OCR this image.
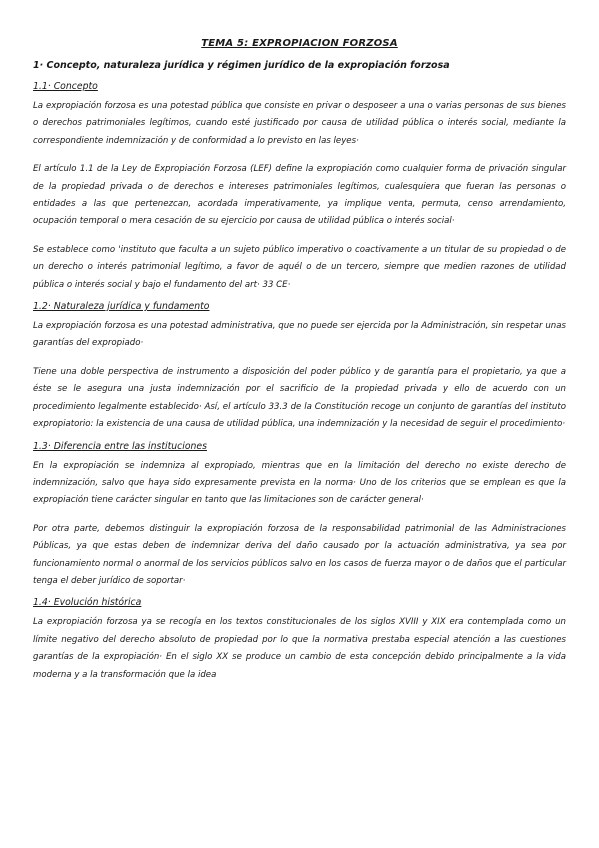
TEMA 5: EXPROPIACION FORZOSA
1· Concepto, naturaleza jurídica y régimen jurídico de la expropiación forzosa
1.1· Concepto

La expropiación forzosa es una potestad pública que consiste en privar o desposeer a una o varias personas de sus bienes o derechos patrimoniales legítimos, cuando esté justificado por causa de utilidad pública o interés social, mediante la correspondiente indemnización y de conformidad a lo previsto en las leyes·

El artículo 1.1 de la Ley de Expropiación Forzosa (LEF) define la expropiación como cualquier forma de privación singular de la propiedad privada o de derechos e intereses patrimoniales legítimos, cualesquiera que fueran las personas o entidades a las que pertenezcan, acordada imperativamente, ya implique venta, permuta, censo arrendamiento, ocupación temporal o mera cesación de su ejercicio por causa de utilidad pública o interés social·

Se establece como 'instituto que faculta a un sujeto público imperativo o coactivamente a un titular de su propiedad o de un derecho o interés patrimonial legítimo, a favor de aquél o de un tercero, siempre que medien razones de utilidad pública o interés social y bajo el fundamento del art· 33 CE·

1.2· Naturaleza jurídica y fundamento

La expropiación forzosa es una potestad administrativa, que no puede ser ejercida por la Administración, sin respetar unas garantías del expropiado·

Tiene una doble perspectiva de instrumento a disposición del poder público y de garantía para el propietario, ya que a éste se le asegura una justa indemnización por el sacrificio de la propiedad privada y ello de acuerdo con un procedimiento legalmente establecido· Así, el artículo 33.3 de la Constitución recoge un conjunto de garantías del instituto expropiatorio: la existencia de una causa de utilidad pública, una indemnización y la necesidad de seguir el procedimiento·

1.3· Diferencia entre las instituciones

En la expropiación se indemniza al expropiado, mientras que en la limitación del derecho no existe derecho de indemnización, salvo que haya sido expresamente prevista en la norma· Uno de los criterios que se emplean es que la expropiación tiene carácter singular en tanto que las limitaciones son de carácter general·

Por otra parte, debemos distinguir la expropiación forzosa de la responsabilidad patrimonial de las Administraciones Públicas, ya que estas deben de indemnizar deriva del daño causado por la actuación administrativa, ya sea por funcionamiento normal o anormal de los servicios públicos salvo en los casos de fuerza mayor o de daños que el particular tenga el deber jurídico de soportar·

1.4· Evolución histórica

La expropiación forzosa ya se recogía en los textos constitucionales de los siglos XVIII y XIX era contemplada como un límite negativo del derecho absoluto de propiedad por lo que la normativa prestaba especial atención a las cuestiones garantías de la expropiación· En el siglo XX se produce un cambio de esta concepción debido principalmente a la vida moderna y a la transformación que la idea
